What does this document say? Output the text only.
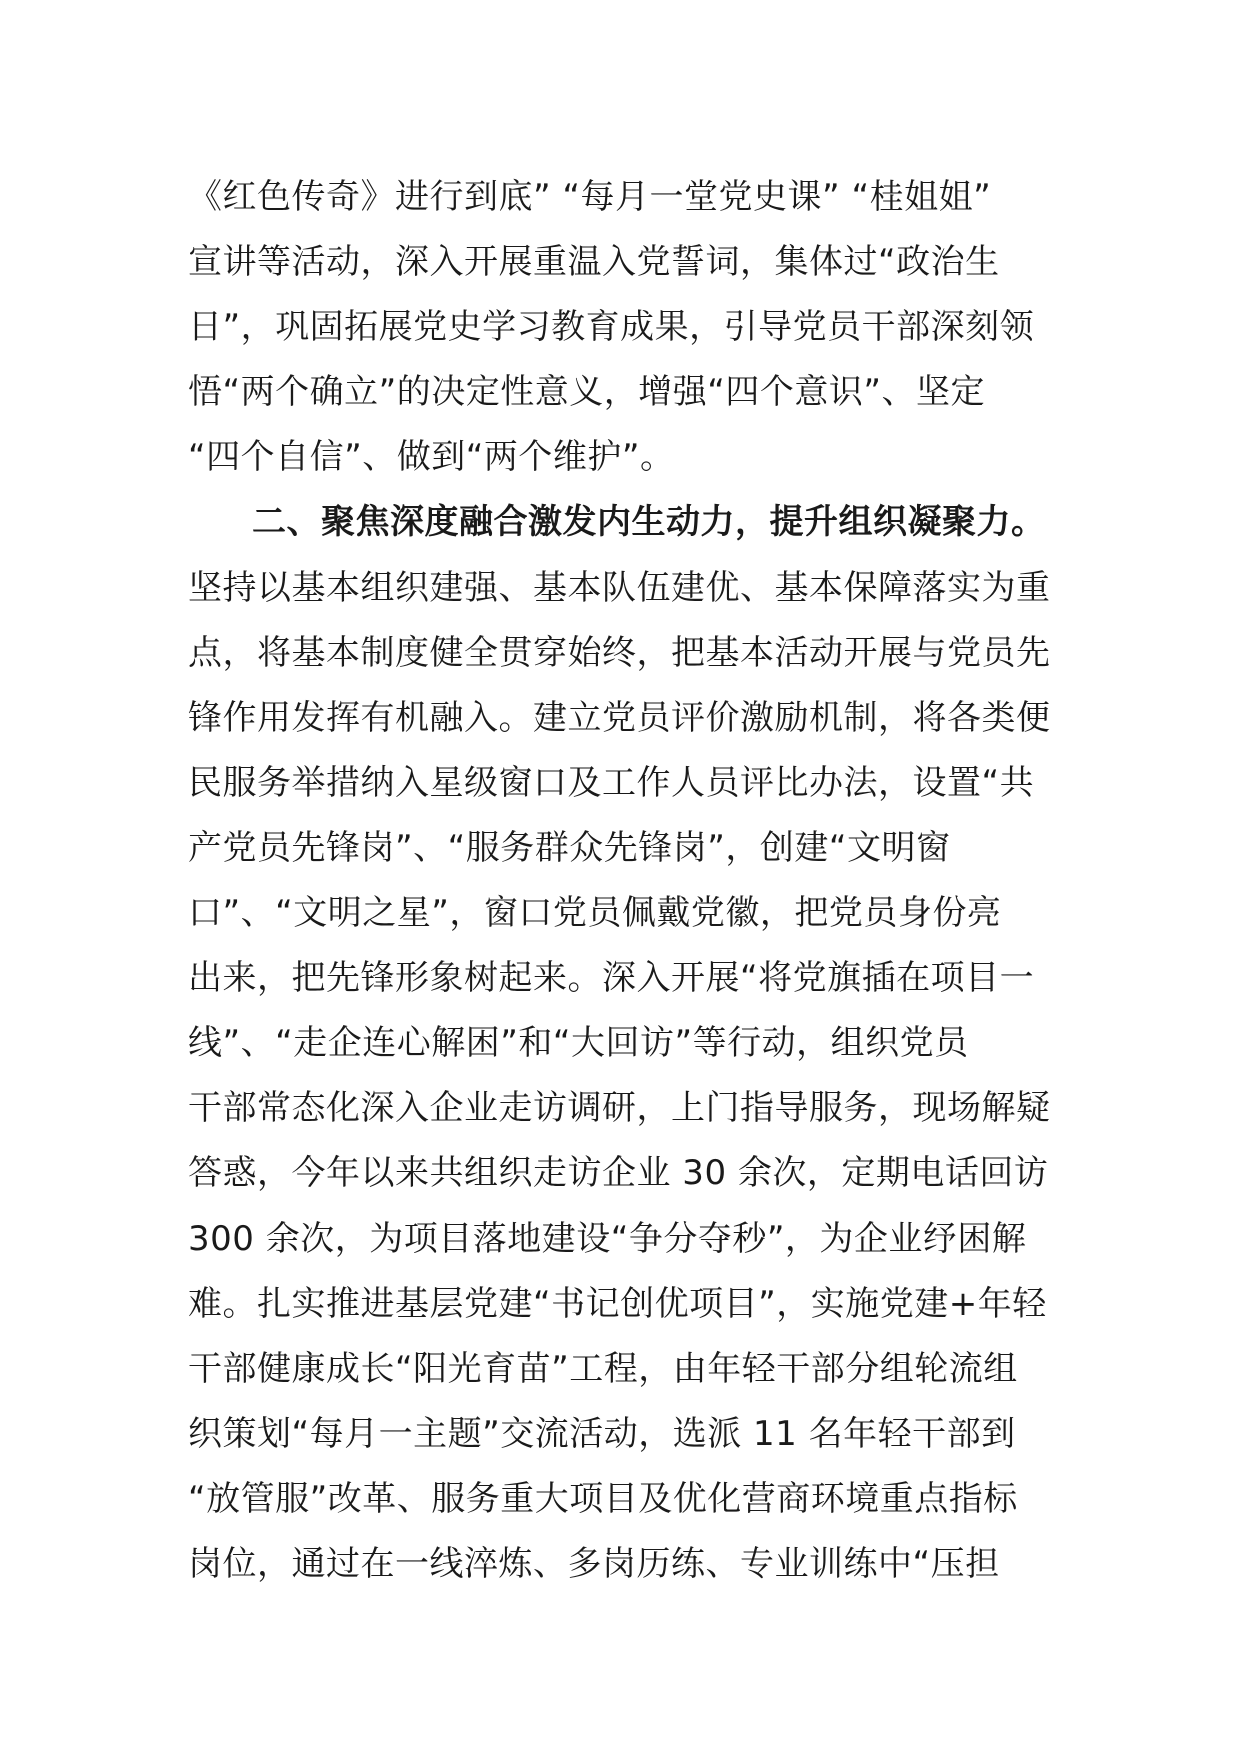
《红色传奇》进行到底” “每月一堂党史课” “桂姐姐”
宣讲等活动，深入开展重温入党誓词，集体过“政治生
日”，巩固拓展党史学习教育成果，引导党员干部深刻领
悟“两个确立”的决定性意义，增强“四个意识”、坚定
“四个自信”、做到“两个维护”。
二、聚焦深度融合激发内生动力，提升组织凝聚力。
坚持以基本组织建强、基本队伍建优、基本保障落实为重
点，将基本制度健全贯穿始终，把基本活动开展与党员先
锋作用发挥有机融入。建立党员评价激励机制，将各类便
民服务举措纳入星级窗口及工作人员评比办法，设置“共
产党员先锋岗”、“服务群众先锋岗”，创建“文明窗
口”、“文明之星”，窗口党员佩戴党徽，把党员身份亮
出来，把先锋形象树起来。深入开展“将党旗插在项目一
线”、“走企连心解困”和“大回访”等行动，组织党员
干部常态化深入企业走访调研，上门指导服务，现场解疑
答惑，今年以来共组织走访企业 30 余次，定期电话回访
300 余次，为项目落地建设“争分夺秒”，为企业纾困解
难。扎实推进基层党建“书记创优项目”，实施党建+年轻
干部健康成长“阳光育苗”工程，由年轻干部分组轮流组
织策划“每月一主题”交流活动，选派 11 名年轻干部到
“放管服”改革、服务重大项目及优化营商环境重点指标
岗位，通过在一线淬炼、多岗历练、专业训练中“压担
